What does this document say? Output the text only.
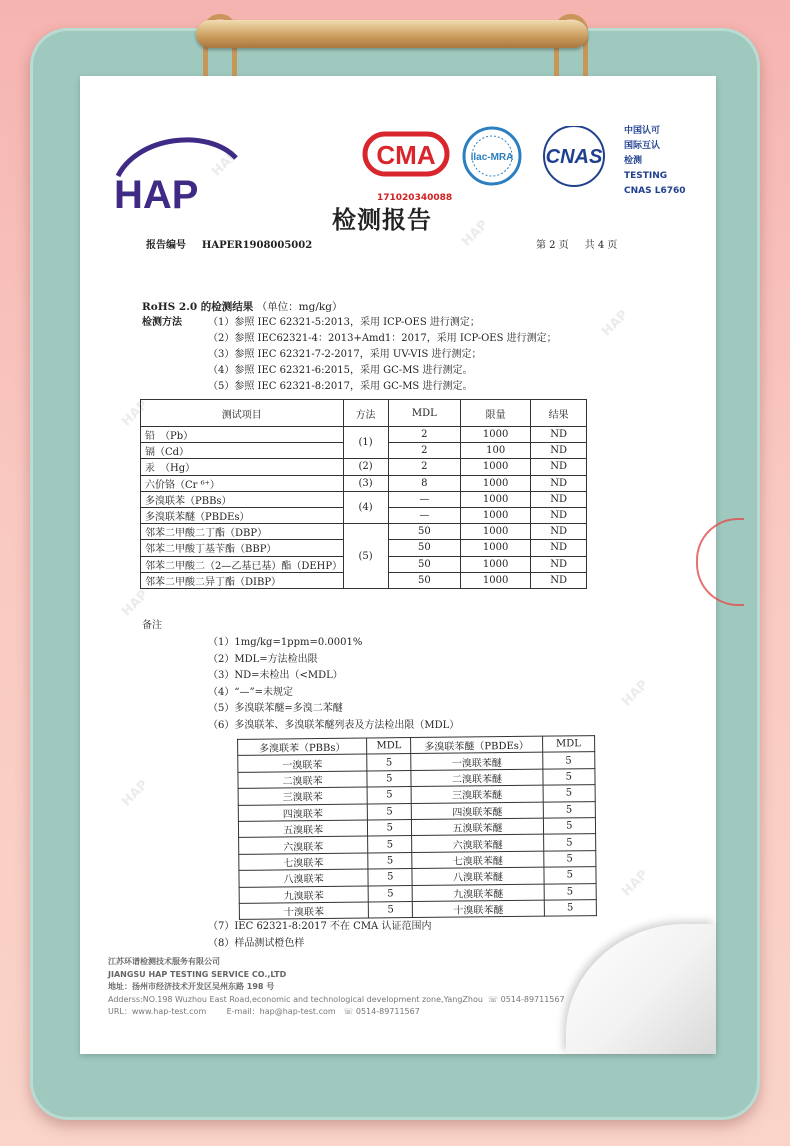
HAP
HAP
HAP
HAP
HAP
HAP
HAP
HAP
HAP
CMA	ilac-MRA CNAS
中国认可
国际互认
检测
TESTING
CNAS L6760
171020340088
检测报告
报告编号 HAPER1908005002	第 2 页 共 4 页
RoHS 2.0 的检测结果 （单位：mg/kg）
检测方法	（1）参照 IEC 62321-5:2013，采用 ICP-OES 进行测定；
（2）参照 IEC62321-4：2013+Amd1：2017，采用 ICP-OES 进行测定；
（3）参照 IEC 62321-7-2-2017，采用 UV-VIS 进行测定；
（4）参照 IEC 62321-6:2015，采用 GC-MS 进行测定。
（5）参照 IEC 62321-8:2017，采用 GC-MS 进行测定。
测试项目	方法	MDL	限量	结果
铅　（Pb）	(1)	2	1000	ND
镉（Cd）		2	100	ND
汞　（Hg）	(2)	2	1000	ND
六价铬（Cr ⁶⁺）	(3)	8	1000	ND
多溴联苯（PBBs）	(4)	—	1000	ND
多溴联苯醚（PBDEs）		—	1000	ND
邻苯二甲酸二丁酯（DBP）	(5)	50	1000	ND
邻苯二甲酸丁基苄酯（BBP）		50	1000	ND
邻苯二甲酸二（2—乙基已基）酯（DEHP）		50	1000	ND
邻苯二甲酸二异丁酯（DIBP）		50	1000	ND
备注
（1）1mg/kg=1ppm=0.0001%
（2）MDL=方法检出限
（3）ND=未检出（<MDL）
（4）“—”=未规定
（5）多溴联苯醚=多溴二苯醚
（6）多溴联苯、多溴联苯醚列表及方法检出限（MDL）
多溴联苯（PBBs）	MDL	多溴联苯醚（PBDEs）	MDL
一溴联苯	5	一溴联苯醚	5
二溴联苯	5	二溴联苯醚	5
三溴联苯	5	三溴联苯醚	5
四溴联苯	5	四溴联苯醚	5
五溴联苯	5	五溴联苯醚	5
六溴联苯	5	六溴联苯醚	5
七溴联苯	5	七溴联苯醚	5
八溴联苯	5	八溴联苯醚	5
九溴联苯	5	九溴联苯醚	5
十溴联苯	5	十溴联苯醚	5
（7）IEC 62321-8:2017 不在 CMA 认证范围内
（8）样品测试橙色样
江苏环谱检测技术服务有限公司
JIANGSU HAP TESTING SERVICE CO.,LTD
地址：扬州市经济技术开发区吴州东路 198 号
Adderss:NO.198 Wuzhou East Road,economic and technological development zone,YangZhou ☏ 0514-89711567
URL：www.hap-test.com	E-mail：hap@hap-test.com ☏ 0514-89711567
